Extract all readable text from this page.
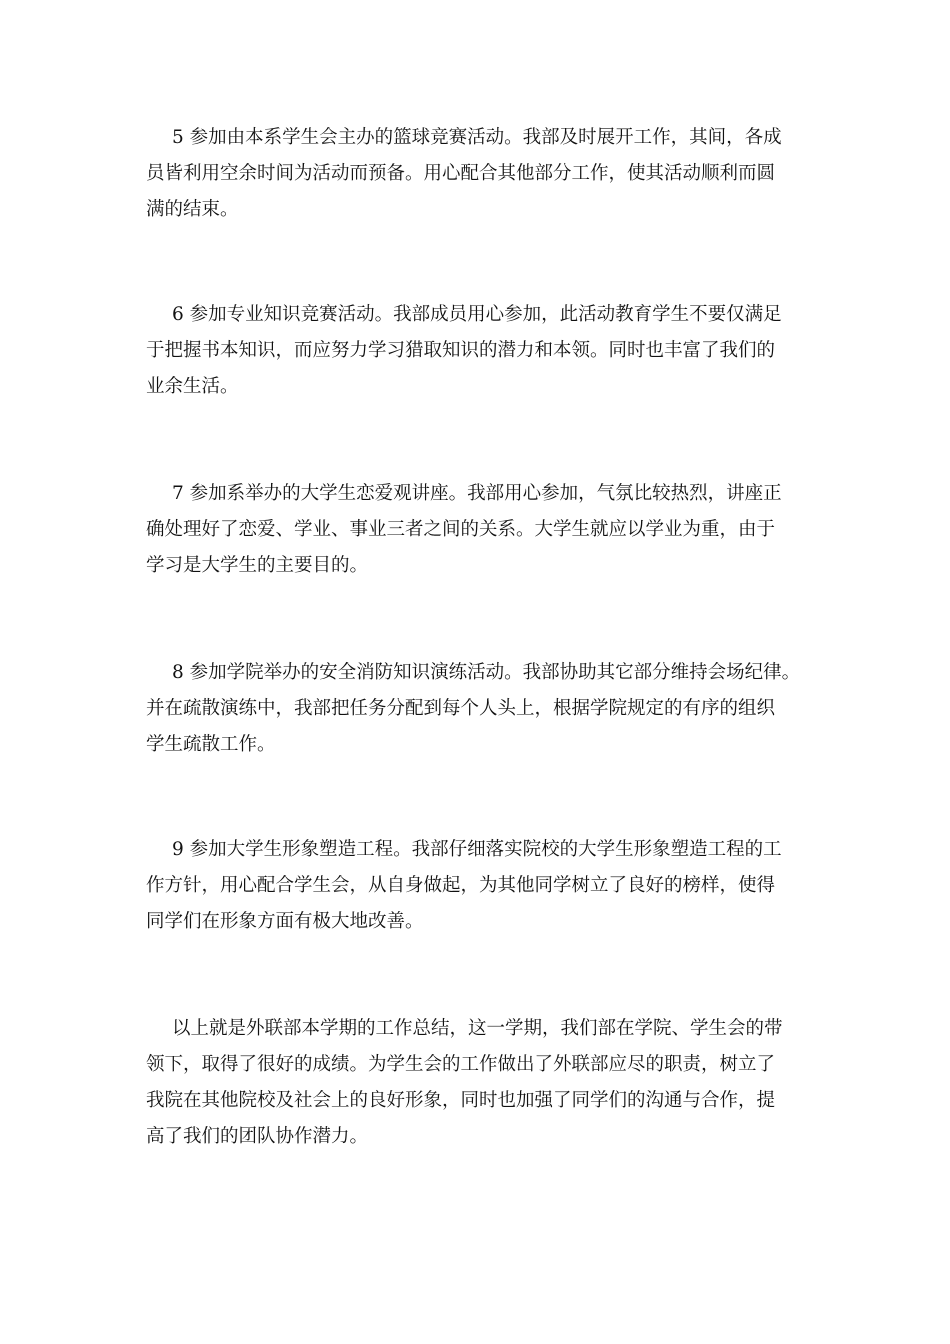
5 参加由本系学生会主办的篮球竞赛活动。我部及时展开工作，其间，各成
员皆利用空余时间为活动而预备。用心配合其他部分工作，使其活动顺利而圆
满的结束。
6 参加专业知识竞赛活动。我部成员用心参加，此活动教育学生不要仅满足
于把握书本知识，而应努力学习猎取知识的潜力和本领。同时也丰富了我们的
业余生活。
7 参加系举办的大学生恋爱观讲座。我部用心参加，气氛比较热烈，讲座正
确处理好了恋爱、学业、事业三者之间的关系。大学生就应以学业为重，由于
学习是大学生的主要目的。
8 参加学院举办的安全消防知识演练活动。我部协助其它部分维持会场纪律。
并在疏散演练中，我部把任务分配到每个人头上，根据学院规定的有序的组织
学生疏散工作。
9 参加大学生形象塑造工程。我部仔细落实院校的大学生形象塑造工程的工
作方针，用心配合学生会，从自身做起，为其他同学树立了良好的榜样，使得
同学们在形象方面有极大地改善。
以上就是外联部本学期的工作总结，这一学期，我们部在学院、学生会的带
领下，取得了很好的成绩。为学生会的工作做出了外联部应尽的职责，树立了
我院在其他院校及社会上的良好形象，同时也加强了同学们的沟通与合作，提
高了我们的团队协作潜力。
